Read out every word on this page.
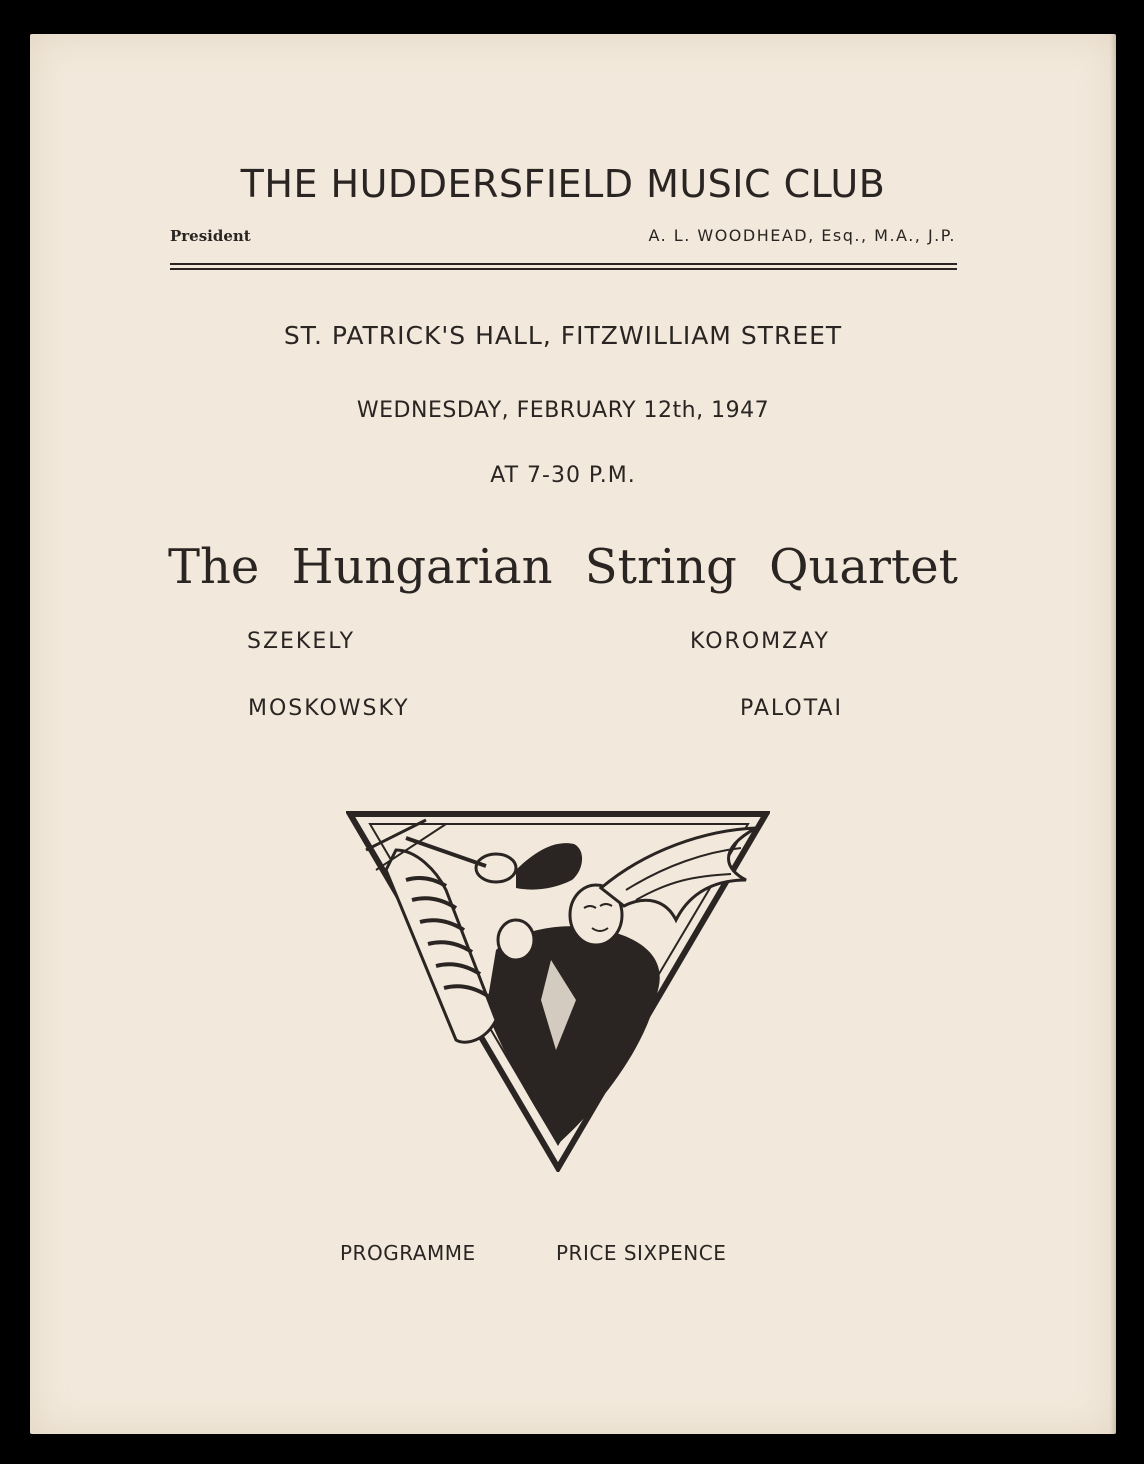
THE HUDDERSFIELD MUSIC CLUB

President	A. L. WOODHEAD, Esq., M.A., J.P.

ST. PATRICK'S HALL, FITZWILLIAM STREET

WEDNESDAY, FEBRUARY 12th, 1947

AT 7-30 P.M.

The Hungarian String Quartet

SZEKELY	KOROMZAY

MOSKOWSKY	PALOTAI

PROGRAMME	PRICE SIXPENCE
